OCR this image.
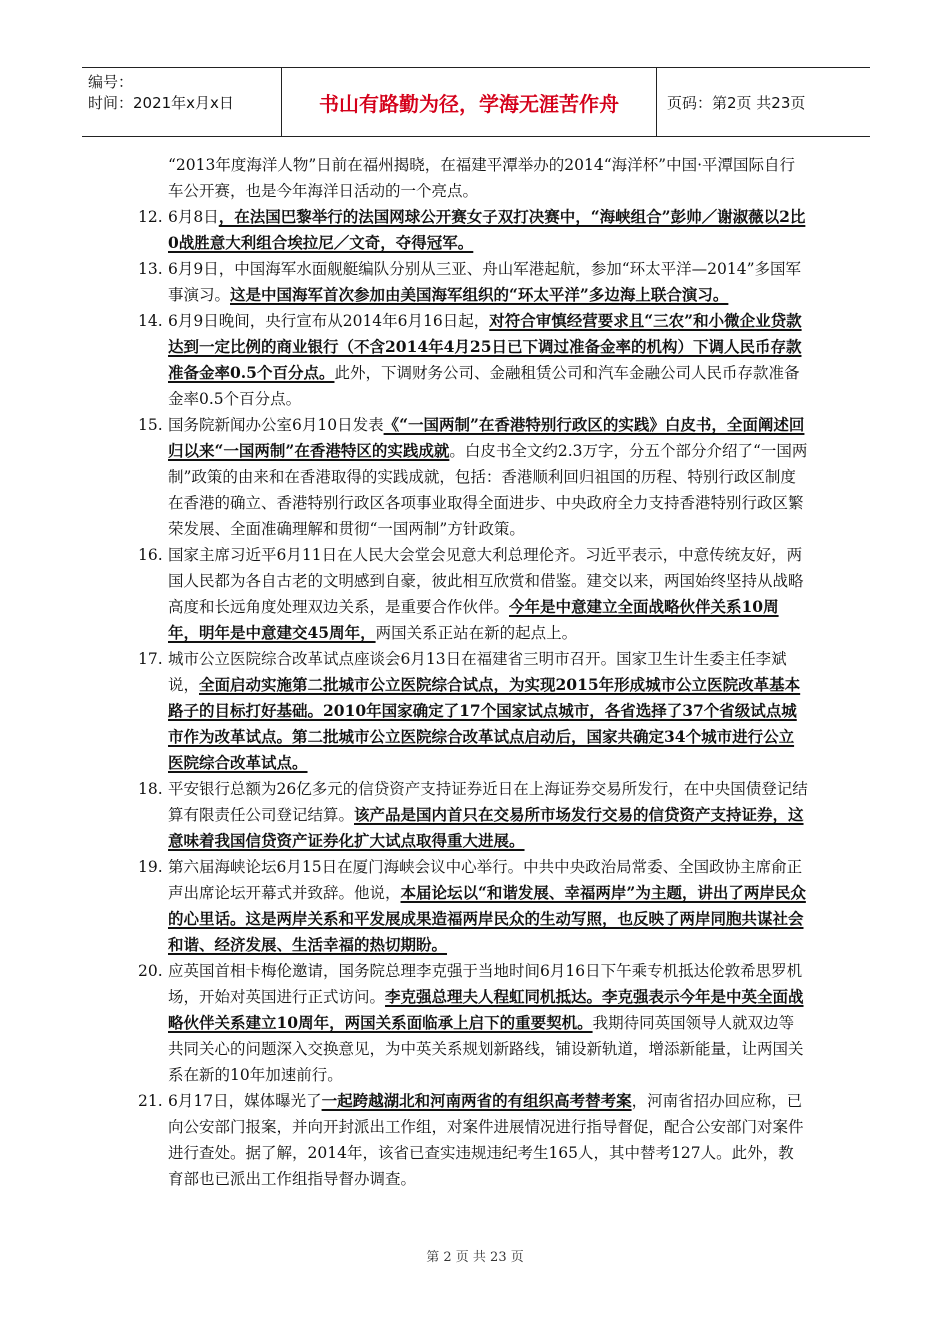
编号：
时间：2021年x月x日	书山有路勤为径，学海无涯苦作舟	页码：第2页 共23页

“2013年度海洋人物”日前在福州揭晓，在福建平潭举办的2014“海洋杯”中国·平潭国际自行车公开赛，也是今年海洋日活动的一个亮点。

12. 6月8日，在法国巴黎举行的法国网球公开赛女子双打决赛中，“海峡组合”彭帅／谢淑薇以2比0战胜意大利组合埃拉尼／文奇，夺得冠军。

13. 6月9日，中国海军水面舰艇编队分别从三亚、舟山军港起航，参加“环太平洋—2014”多国军事演习。这是中国海军首次参加由美国海军组织的“环太平洋”多边海上联合演习。

14. 6月9日晚间，央行宣布从2014年6月16日起，对符合审慎经营要求且“三农”和小微企业贷款达到一定比例的商业银行（不含2014年4月25日已下调过准备金率的机构）下调人民币存款准备金率0.5个百分点。此外，下调财务公司、金融租赁公司和汽车金融公司人民币存款准备金率0.5个百分点。

15. 国务院新闻办公室6月10日发表《“一国两制”在香港特别行政区的实践》白皮书，全面阐述回归以来“一国两制”在香港特区的实践成就。白皮书全文约2.3万字，分五个部分介绍了“一国两制”政策的由来和在香港取得的实践成就，包括：香港顺利回归祖国的历程、特别行政区制度在香港的确立、香港特别行政区各项事业取得全面进步、中央政府全力支持香港特别行政区繁荣发展、全面准确理解和贯彻“一国两制”方针政策。

16. 国家主席习近平6月11日在人民大会堂会见意大利总理伦齐。习近平表示，中意传统友好，两国人民都为各自古老的文明感到自豪，彼此相互欣赏和借鉴。建交以来，两国始终坚持从战略高度和长远角度处理双边关系，是重要合作伙伴。今年是中意建立全面战略伙伴关系10周年，明年是中意建交45周年，两国关系正站在新的起点上。

17. 城市公立医院综合改革试点座谈会6月13日在福建省三明市召开。国家卫生计生委主任李斌说，全面启动实施第二批城市公立医院综合试点，为实现2015年形成城市公立医院改革基本路子的目标打好基础。2010年国家确定了17个国家试点城市，各省选择了37个省级试点城市作为改革试点。第二批城市公立医院综合改革试点启动后，国家共确定34个城市进行公立医院综合改革试点。

18. 平安银行总额为26亿多元的信贷资产支持证券近日在上海证券交易所发行，在中央国债登记结算有限责任公司登记结算。该产品是国内首只在交易所市场发行交易的信贷资产支持证券，这意味着我国信贷资产证券化扩大试点取得重大进展。

19. 第六届海峡论坛6月15日在厦门海峡会议中心举行。中共中央政治局常委、全国政协主席俞正声出席论坛开幕式并致辞。他说，本届论坛以“和谐发展、幸福两岸”为主题，讲出了两岸民众的心里话。这是两岸关系和平发展成果造福两岸民众的生动写照，也反映了两岸同胞共谋社会和谐、经济发展、生活幸福的热切期盼。

20. 应英国首相卡梅伦邀请，国务院总理李克强于当地时间6月16日下午乘专机抵达伦敦希思罗机场，开始对英国进行正式访问。李克强总理夫人程虹同机抵达。李克强表示今年是中英全面战略伙伴关系建立10周年，两国关系面临承上启下的重要契机。我期待同英国领导人就双边等共同关心的问题深入交换意见，为中英关系规划新路线，铺设新轨道，增添新能量，让两国关系在新的10年加速前行。

21. 6月17日，媒体曝光了一起跨越湖北和河南两省的有组织高考替考案，河南省招办回应称，已向公安部门报案，并向开封派出工作组，对案件进展情况进行指导督促，配合公安部门对案件进行查处。据了解，2014年，该省已查实违规违纪考生165人，其中替考127人。此外，教育部也已派出工作组指导督办调查。

第 2 页 共 23 页
